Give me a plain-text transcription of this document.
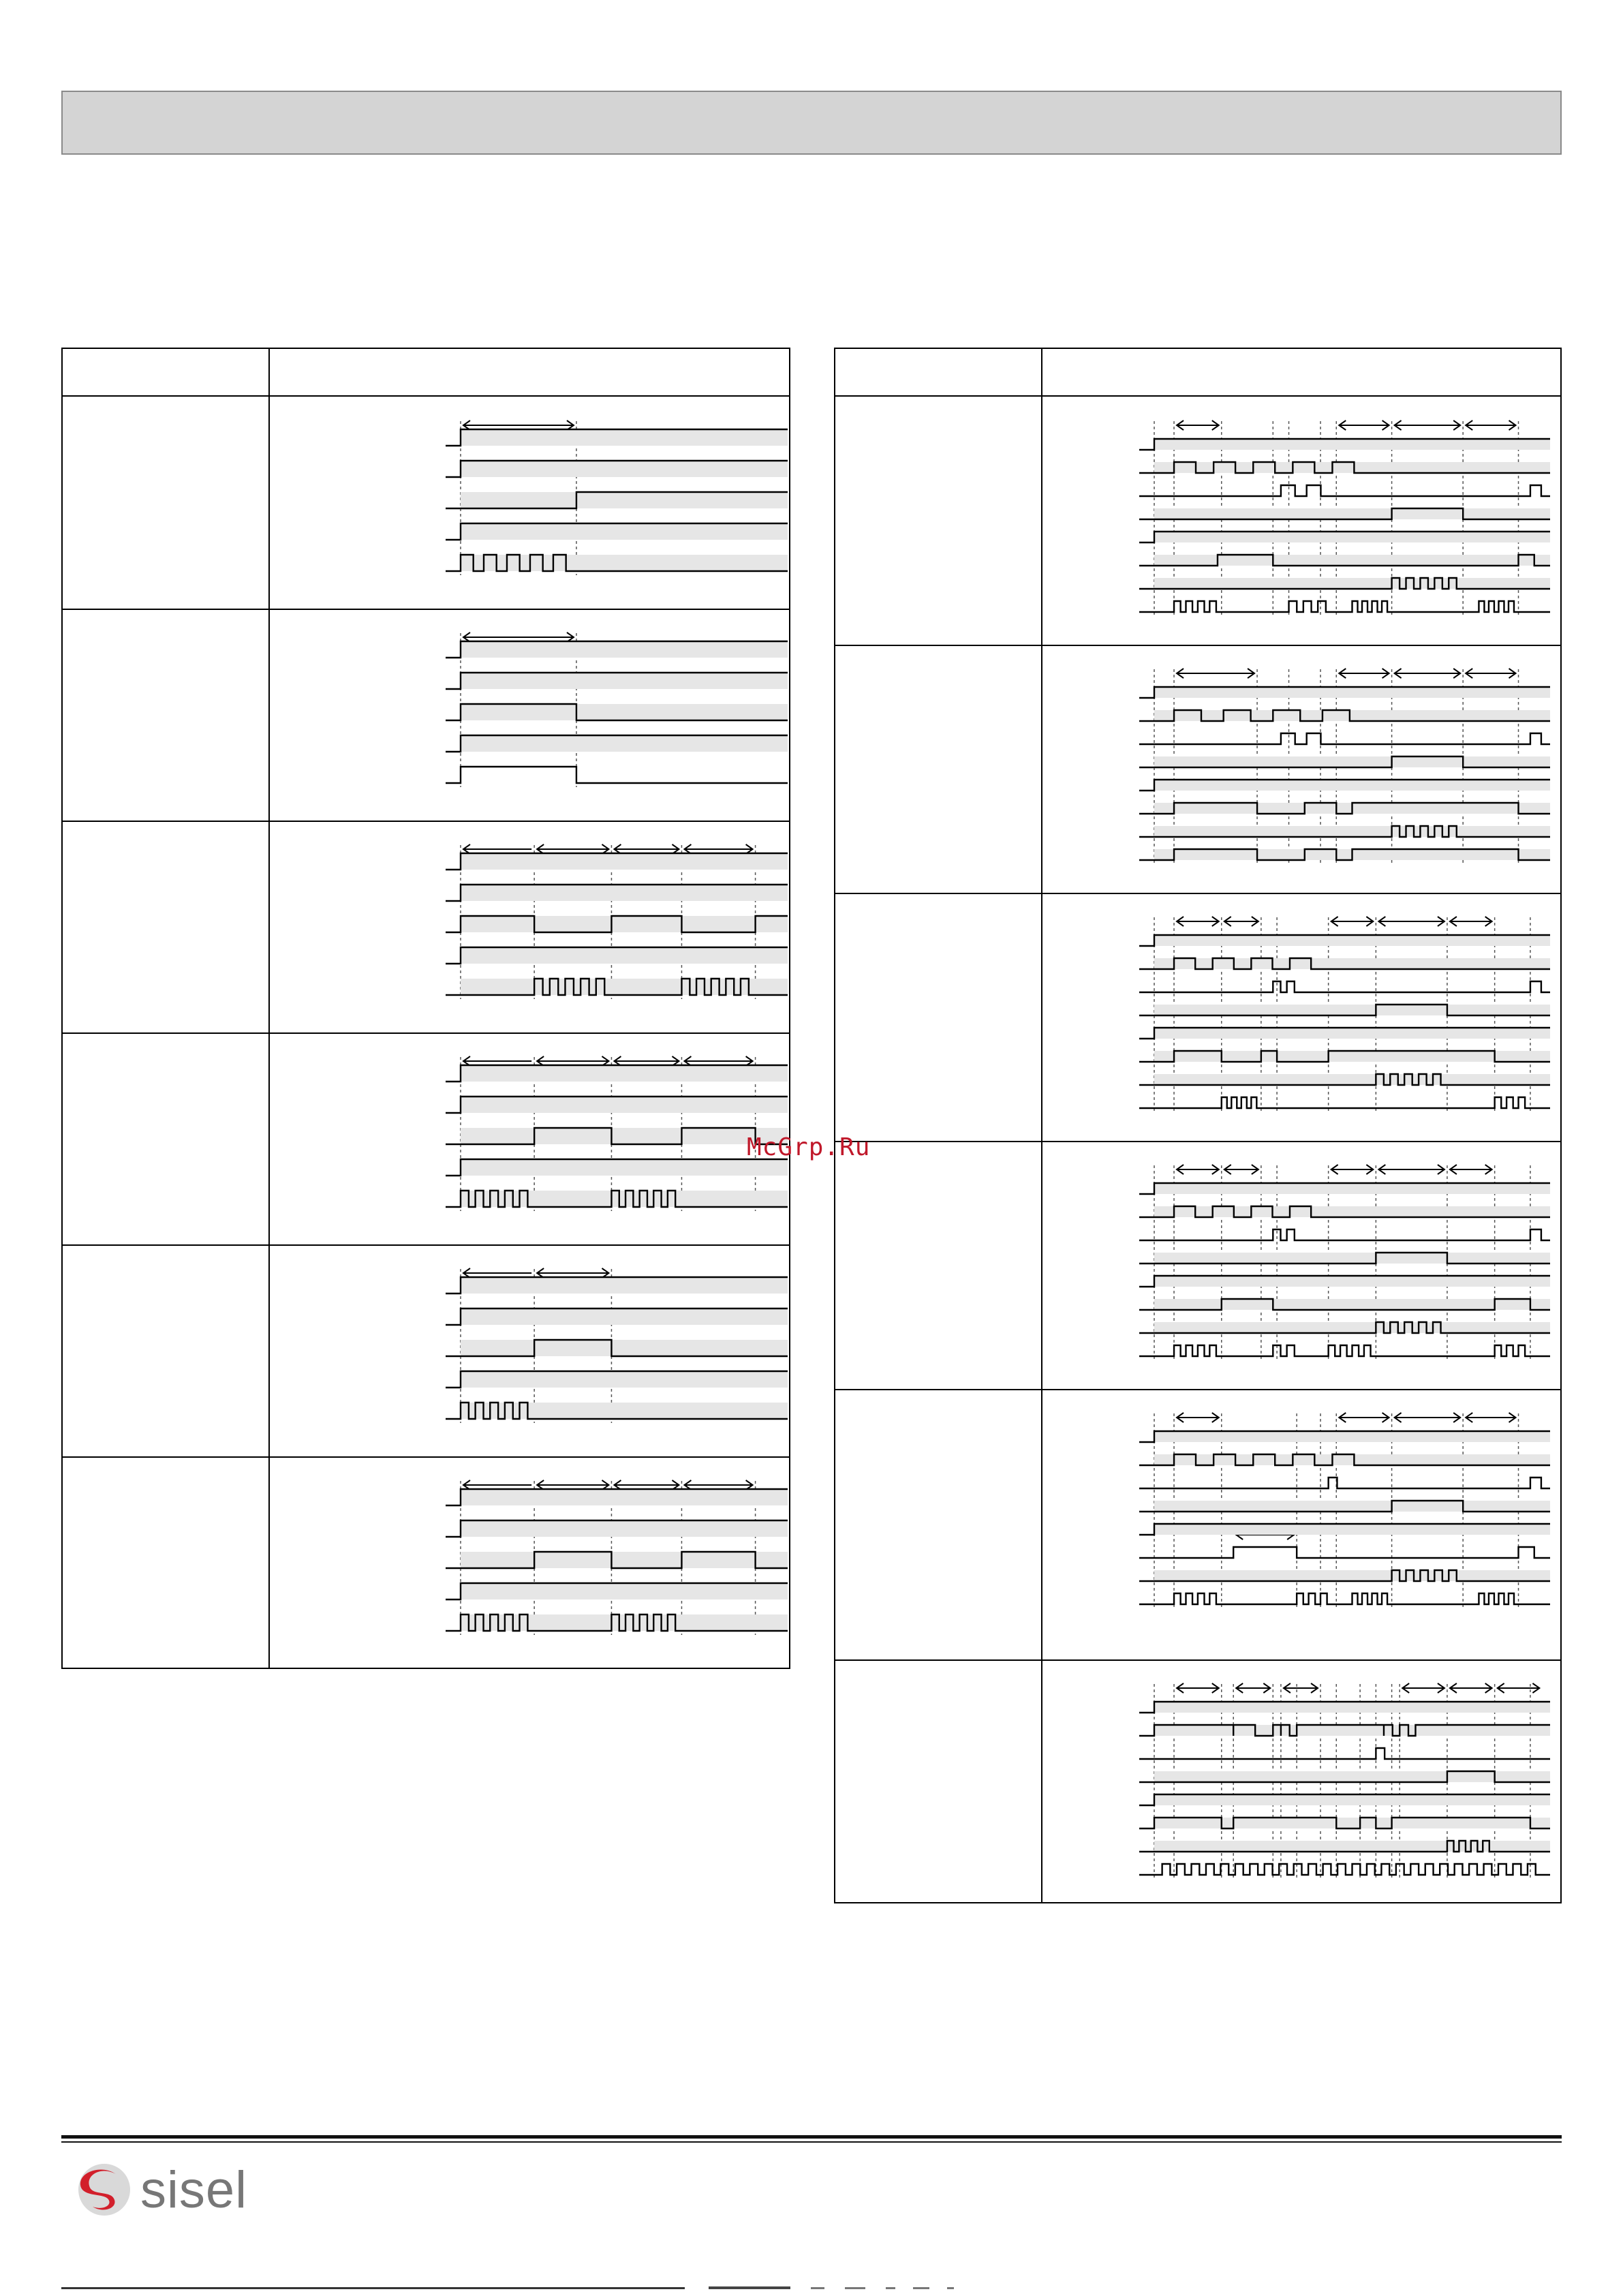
McGrp.Ru
sisel
